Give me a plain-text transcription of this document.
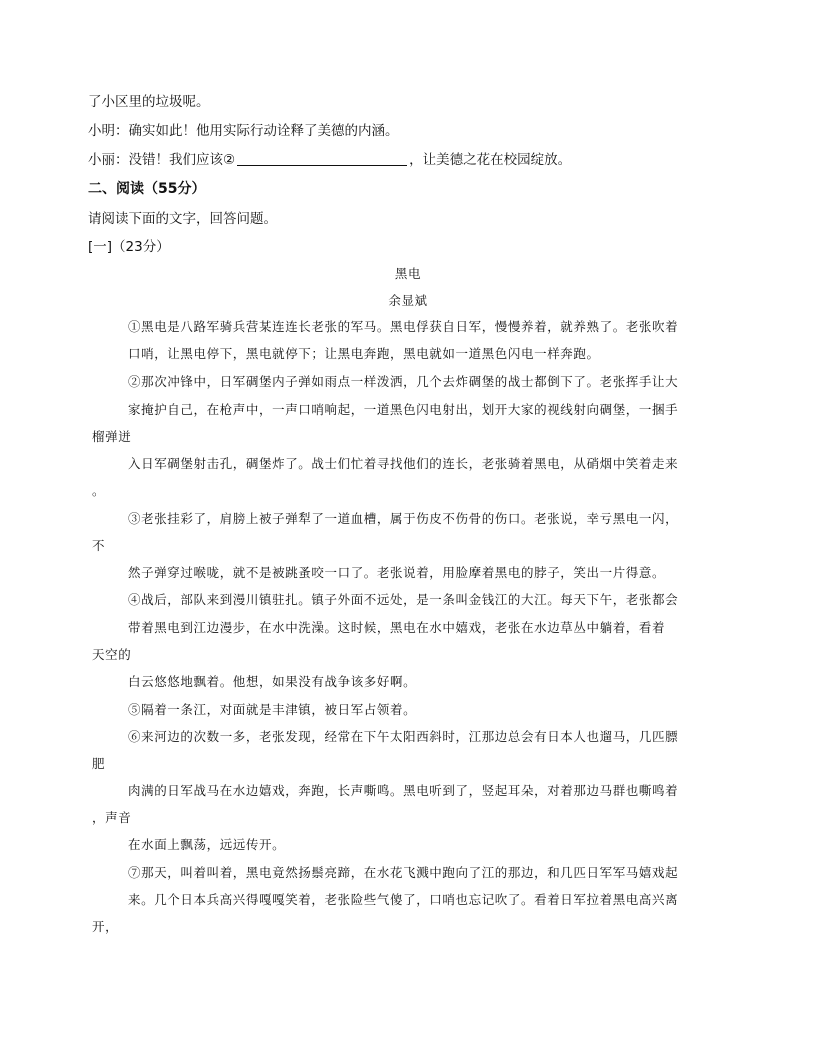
了小区里的垃圾呢。
小明：确实如此！他用实际行动诠释了美德的内涵。
小丽：没错！我们应该②	，让美德之花在校园绽放。
二、阅读（55分）
请阅读下面的文字，回答问题。
[一]（23分）
黑电
余显斌
①黑电是八路军骑兵营某连连长老张的军马。黑电俘获自日军，慢慢养着，就养熟了。老张吹着
口哨，让黑电停下，黑电就停下；让黑电奔跑，黑电就如一道黑色闪电一样奔跑。
②那次冲锋中，日军碉堡内子弹如雨点一样泼洒，几个去炸碉堡的战士都倒下了。老张挥手让大
家掩护自己，在枪声中，一声口哨响起，一道黑色闪电射出，划开大家的视线射向碉堡，一捆手
榴弹迸
入日军碉堡射击孔，碉堡炸了。战士们忙着寻找他们的连长，老张骑着黑电，从硝烟中笑着走来
。
③老张挂彩了，肩膀上被子弹犁了一道血槽，属于伤皮不伤骨的伤口。老张说，幸亏黑电一闪，
不
然子弹穿过喉咙，就不是被跳蚤咬一口了。老张说着，用脸摩着黑电的脖子，笑出一片得意。
④战后，部队来到漫川镇驻扎。镇子外面不远处，是一条叫金钱江的大江。每天下午，老张都会
带着黑电到江边漫步，在水中洗澡。这时候，黑电在水中嬉戏，老张在水边草丛中躺着，看着
天空的
白云悠悠地飘着。他想，如果没有战争该多好啊。
⑤隔着一条江，对面就是丰津镇，被日军占领着。
⑥来河边的次数一多，老张发现，经常在下午太阳西斜时，江那边总会有日本人也遛马，几匹膘
肥
肉满的日军战马在水边嬉戏，奔跑，长声嘶鸣。黑电听到了，竖起耳朵，对着那边马群也嘶鸣着
，声音
在水面上飘荡，远远传开。
⑦那天，叫着叫着，黑电竟然扬鬃亮蹄，在水花飞溅中跑向了江的那边，和几匹日军军马嬉戏起
来。几个日本兵高兴得嘎嘎笑着，老张险些气傻了，口哨也忘记吹了。看着日军拉着黑电高兴离
开，
